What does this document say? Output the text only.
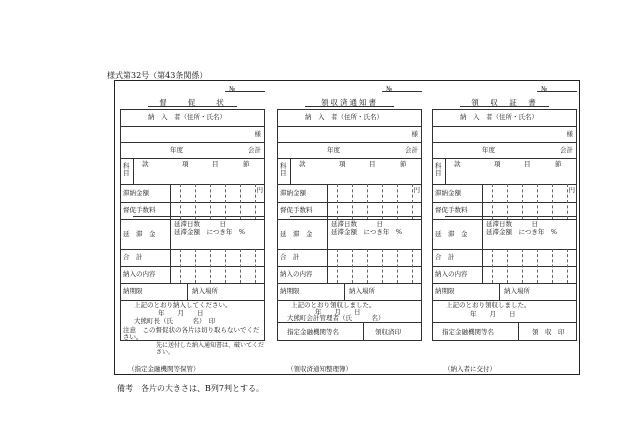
様式第32号（第43条関係）
№
督　　促　　状
納　入　者（住所・氏名）
様
年度	会計
科目
款	項	目	節
滞納金額	円
督促手数料
延　滞　金
延滞日数　　　日
延滞金額　につき年　%
合　計
納入の内容
納期限	納入場所
上記のとおり納入してください。
年　　月　　日
大熊町長（氏　　　名）　印
注意　この督促状の各片は切り取らないでください。
先に送付した納入通知書は、破いてください。
（指定金融機関等保管）
№
領収済通知書
納　入　者（住所・氏名）
様
年度	会計
科目
款	項	目	節
滞納金額	円
督促手数料
延　滞　金
延滞日数　　　日
延滞金額　につき年　%
合　計
納入の内容
納期限	納入場所
上記のとおり領収しました。
年　　月　　日
大熊町会計管理者（氏　　　名）
指定金融機関等名	領収済印
（領収済通知整理簿）
№
領　収　証　書
納　入　者（住所・氏名）
様
年度	会計
科目
款	項	目	節
滞納金額	円
督促手数料
延　滞　金
延滞日数　　　日
延滞金額　につき年　%
合　計
納入の内容
納期限	納入場所
上記のとおり領収しました。
年　　月　　日
指定金融機関等名	領　収　印
（納入者に交付）
備考　各片の大きさは、B列7判とする。
